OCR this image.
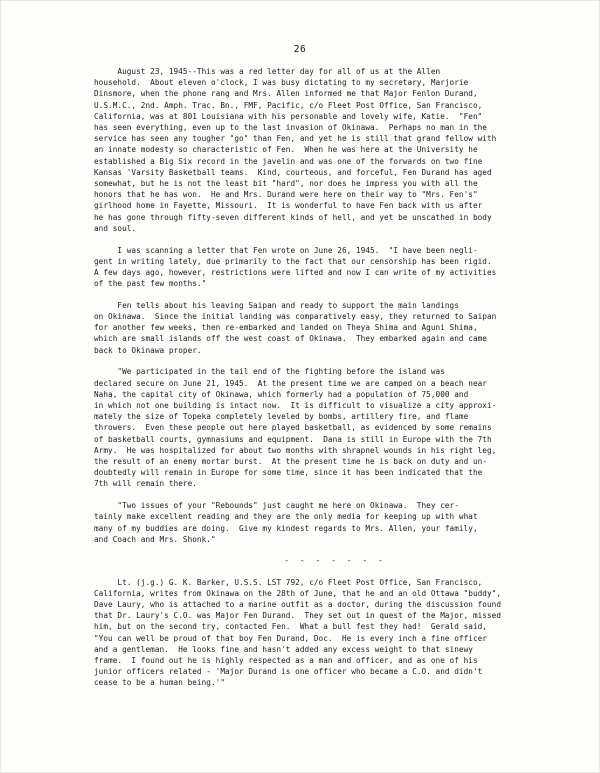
26
August 23, 1945--This was a red letter day for all of us at the Allen
household.  About eleven o'clock, I was busy dictating to my secretary, Marjorie
Dinsmore, when the phone rang and Mrs. Allen informed me that Major Fenlon Durand,
U.S.M.C., 2nd. Amph. Trac. Bn., FMF, Pacific, c/o Fleet Post Office, San Francisco,
California, was at 801 Louisiana with his personable and lovely wife, Katie.  "Fen"
has seen everything, even up to the last invasion of Okinawa.  Perhaps no man in the
service has seen any tougher "go" than Fen, and yet he is still that grand fellow with
an innate modesty so characteristic of Fen.  When he was here at the University he
established a Big Six record in the javelin and was one of the forwards on two fine
Kansas 'Varsity Basketball teams.  Kind, courteous, and forceful, Fen Durand has aged
somewhat, but he is not the least bit "hard", nor does he impress you with all the
honors that he has won.  He and Mrs. Durand were here on their way to "Mrs. Fen's"
girlhood home in Fayette, Missouri.  It is wonderful to have Fen back with us after
he has gone through fifty-seven different kinds of hell, and yet be unscathed in body
and soul.
I was scanning a letter that Fen wrote on June 26, 1945.  "I have been negli-
gent in writing lately, due primarily to the fact that our censorship has been rigid.
A few days ago, however, restrictions were lifted and now I can write of my activities
of the past few months."
Fen tells about his leaving Saipan and ready to support the main landings
on Okinawa.  Since the initial landing was comparatively easy, they returned to Saipan
for another few weeks, then re-embarked and landed on Theya Shima and Aguni Shima,
which are small islands off the west coast of Okinawa.  They embarked again and came
back to Okinawa proper.
"We participated in the tail end of the fighting before the island was
declared secure on June 21, 1945.  At the present time we are camped on a beach near
Naha, the capital city of Okinawa, which formerly had a population of 75,000 and
in which not one building is intact now.  It is difficult to visualize a city approxi-
mately the size of Topeka completely leveled by bombs, artillery fire, and flame
throwers.  Even these people out here played basketball, as evidenced by some remains
of basketball courts, gymnasiums and equipment.  Dana is still in Europe with the 7th
Army.  He was hospitalized for about two months with shrapnel wounds in his right leg,
the result of an enemy mortar burst.  At the present time he is back on duty and un-
doubtedly will remain in Europe for some time, since it has been indicated that the
7th will remain there.
"Two issues of your "Rebounds" just caught me here on Okinawa.  They cer-
tainly make excellent reading and they are the only media for keeping up with what
many of my buddies are doing.  Give my kindest regards to Mrs. Allen, your family,
and Coach and Mrs. Shonk."
- - - - - - -
Lt. (j.g.) G. K. Barker, U.S.S. LST 792, c/o Fleet Post Office, San Francisco,
California, writes from Okinawa on the 28th of June, that he and an old Ottawa "buddy",
Dave Laury, who is attached to a marine outfit as a doctor, during the discussion found
that Dr. Laury's C.O. was Major Fen Durand.  They set out in quest of the Major, missed
him, but on the second try, contacted Fen.  What a bull fest they had!  Gerald said,
"You can well be proud of that boy Fen Durand, Doc.  He is every inch a fine officer
and a gentleman.  He looks fine and hasn't added any excess weight to that sinewy
frame.  I found out he is highly respected as a man and officer, and as one of his
junior officers related - 'Major Durand is one officer who became a C.O. and didn't
cease to be a human being.'"
